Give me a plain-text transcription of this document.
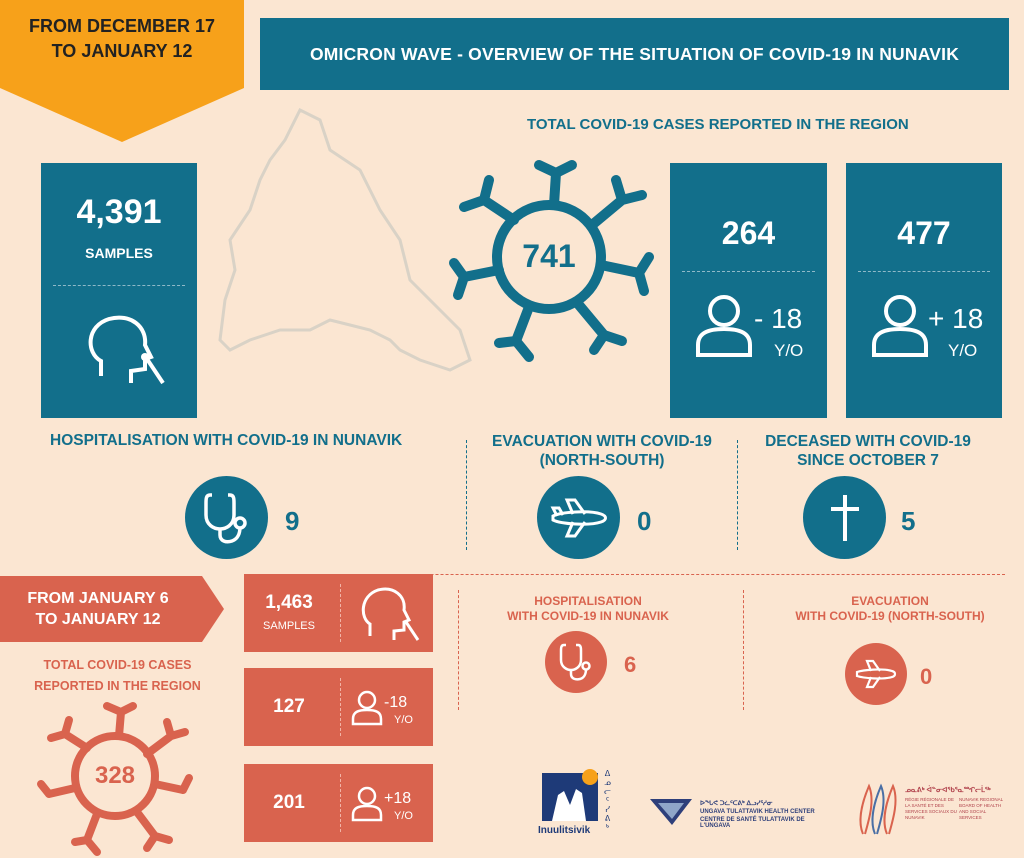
FROM DECEMBER 17
TO JANUARY 12	OMICRON WAVE - OVERVIEW OF THE SITUATION OF COVID-19 IN NUNAVIK
TOTAL COVID-19 CASES REPORTED IN THE REGION
4,391
SAMPLES	741
264
- 18
Y/O
477
+ 18
Y/O
HOSPITALISATION WITH COVID-19 IN NUNAVIK	EVACUATION WITH COVID-19
(NORTH-SOUTH)
DECEASED WITH COVID-19
SINCE OCTOBER 7
9	0	5
FROM JANUARY 6
TO JANUARY 12
TOTAL COVID-19 CASES
REPORTED IN THE REGION
328
1,463
SAMPLES
127	-18
Y/O
201	+18
Y/O
HOSPITALISATION
WITH COVID-19 IN NUNAVIK
6
EVACUATION
WITH COVID-19 (NORTH-SOUTH)
0
Inuulitsivik	ᐃᓄᓕᑦᓯᕕᒃ	ᐅᖓᕙ ᑐᓛᑦᑕᕕᒃ ᐃᓗᓯᕐᓱᓂ
UNGAVA TULATTAVIK HEALTH CENTER
CENTRE DE SANTÉ TULATTAVIK DE L'UNGAVA
ᓄᓇᕕᒃ ᐋᓐᓂᐊᖃᕐᓇᙱᓕᒫᖅ
RÉGIE RÉGIONALE DE LA SANTÉ ET DES SERVICES SOCIAUX DU NUNAVIK
NUNAVIK REGIONAL BOARD OF HEALTH AND SOCIAL SERVICES
